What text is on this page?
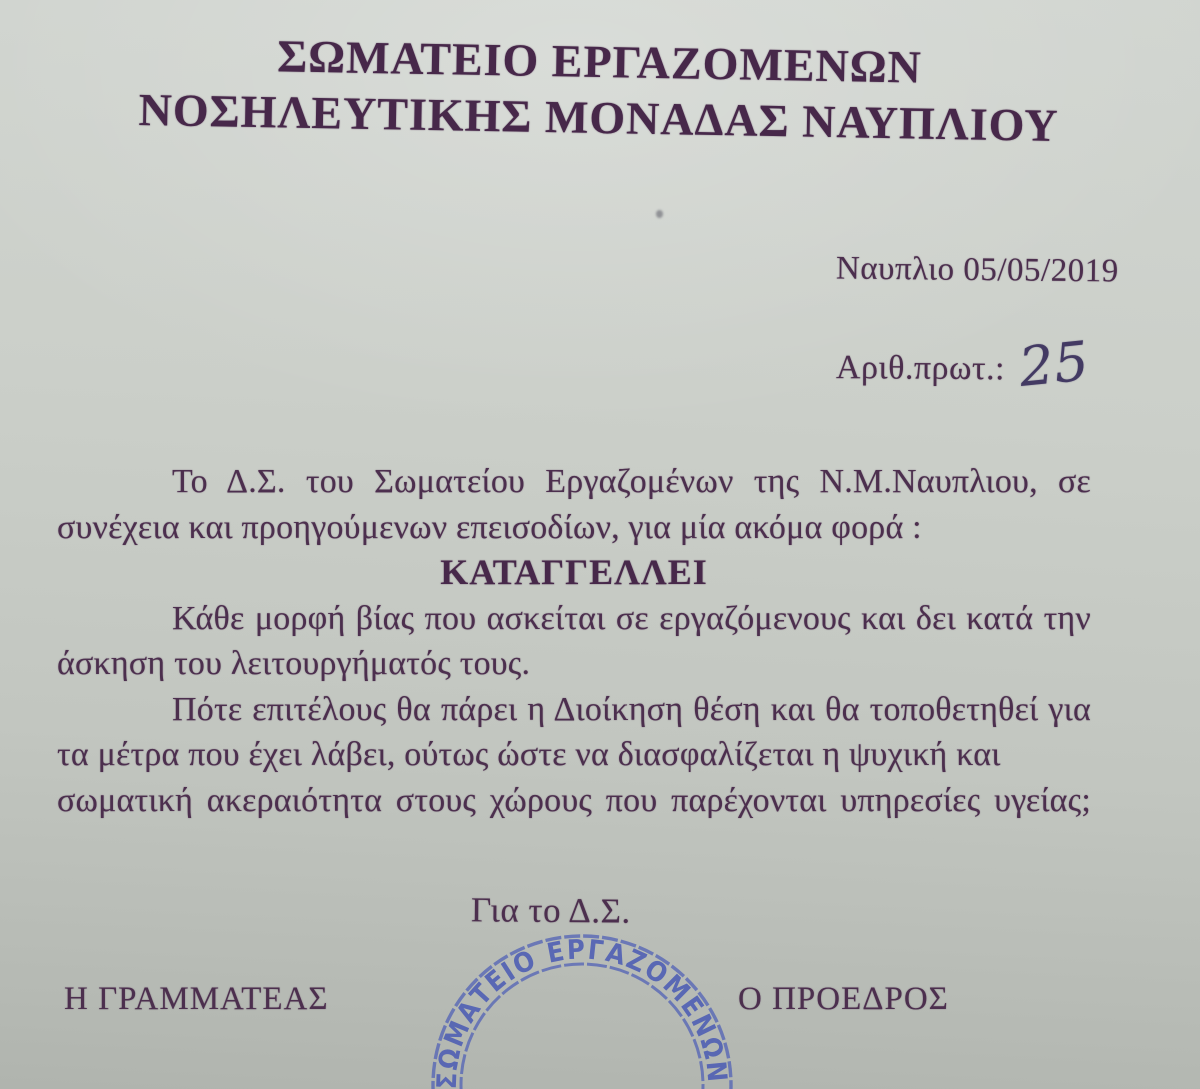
ΣΩΜΑΤΕΙΟ ΕΡΓΑΖΟΜΕΝΩΝ
ΝΟΣΗΛΕΥΤΙΚΗΣ ΜΟΝΑΔΑΣ ΝΑΥΠΛΙΟΥ
Ναυπλιο 05/05/2019
Αριθ.πρωτ.: 25
Το Δ.Σ. του Σωματείου Εργαζομένων της Ν.Μ.Ναυπλιου, σε
συνέχεια και προηγούμενων επεισοδίων, για μία ακόμα φορά :
ΚΑΤΑΓΓΕΛΛΕΙ
Κάθε μορφή βίας που ασκείται σε εργαζόμενους και δει κατά την
άσκηση του λειτουργήματός τους.
Πότε επιτέλους θα πάρει η Διοίκηση θέση και θα τοποθετηθεί για
τα μέτρα που έχει λάβει, ούτως ώστε να διασφαλίζεται η ψυχική και
σωματική ακεραιότητα στους χώρους που παρέχονται υπηρεσίες υγείας;
Για το Δ.Σ.
Η ΓΡΑΜΜΑΤΕΑΣ	Ο ΠΡΟΕΔΡΟΣ
ΣΩΜΑΤΕΙΟ ΕΡΓΑΖΟΜΕΝΩΝ
